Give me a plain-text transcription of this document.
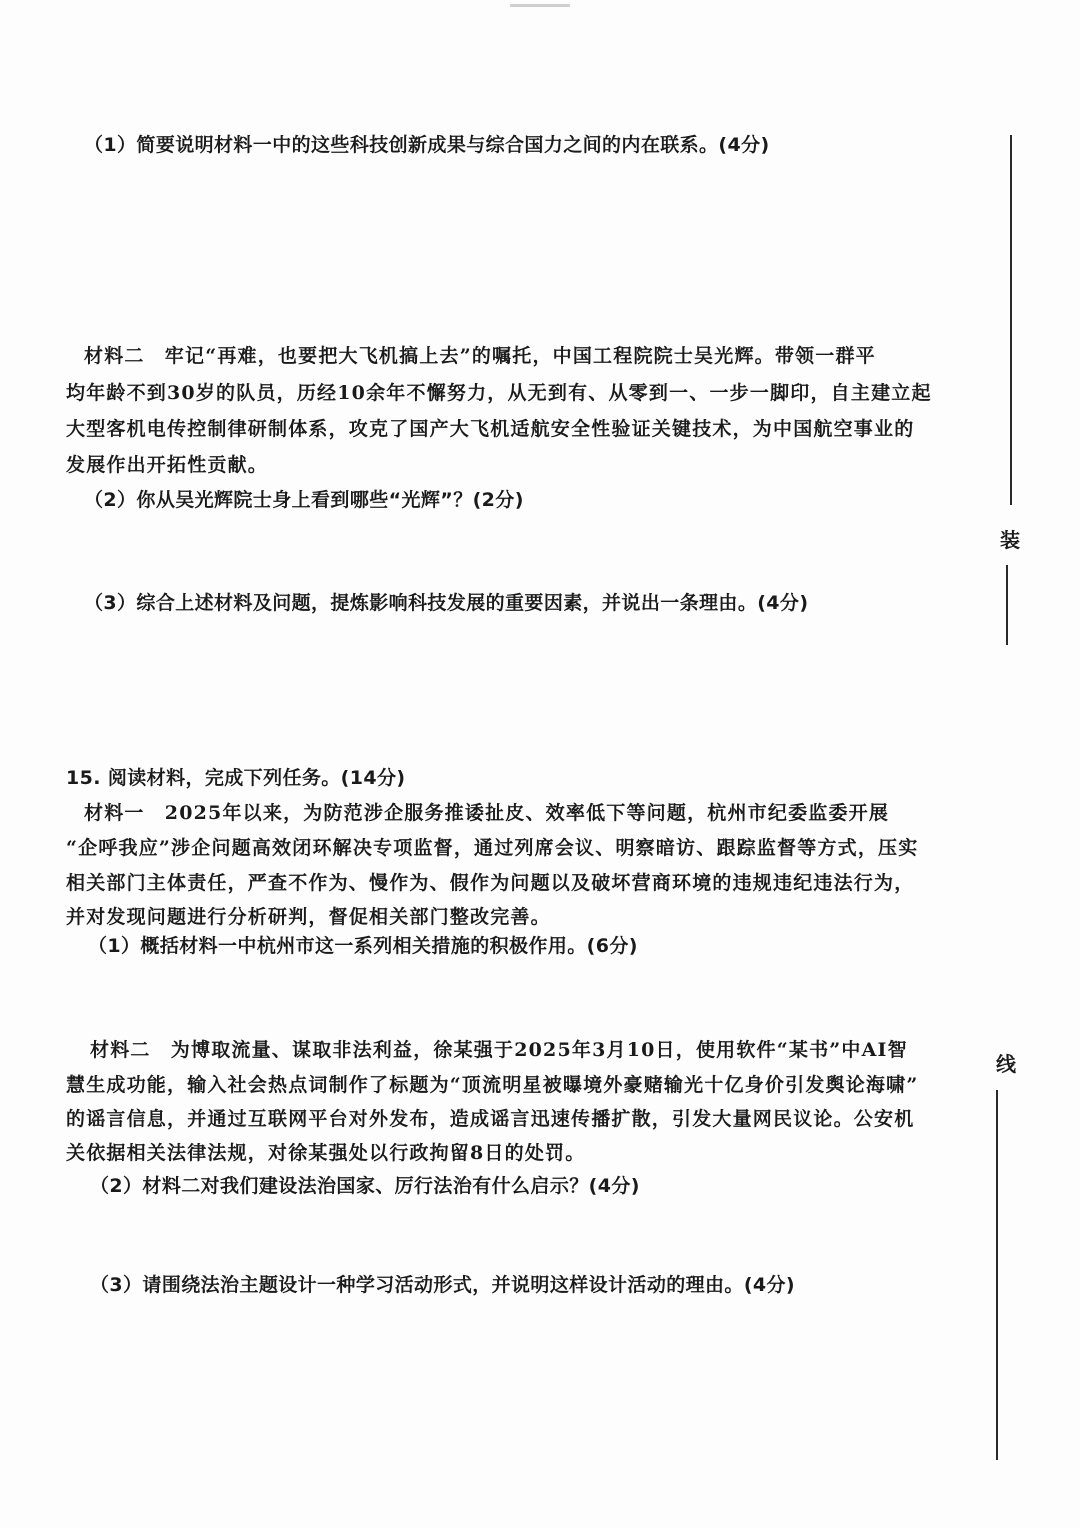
（1）简要说明材料一中的这些科技创新成果与综合国力之间的内在联系。(4分)
材料二　牢记“再难，也要把大飞机搞上去”的嘱托，中国工程院院士吴光辉。带领一群平
均年龄不到30岁的队员，历经10余年不懈努力，从无到有、从零到一、一步一脚印，自主建立起
大型客机电传控制律研制体系，攻克了国产大飞机适航安全性验证关键技术，为中国航空事业的
发展作出开拓性贡献。
（2）你从吴光辉院士身上看到哪些“光辉”？(2分)
（3）综合上述材料及问题，提炼影响科技发展的重要因素，并说出一条理由。(4分)
15. 阅读材料，完成下列任务。(14分)
材料一　2025年以来，为防范涉企服务推诿扯皮、效率低下等问题，杭州市纪委监委开展
“企呼我应”涉企问题高效闭环解决专项监督，通过列席会议、明察暗访、跟踪监督等方式，压实
相关部门主体责任，严查不作为、慢作为、假作为问题以及破坏营商环境的违规违纪违法行为，
并对发现问题进行分析研判，督促相关部门整改完善。
（1）概括材料一中杭州市这一系列相关措施的积极作用。(6分)
材料二　为博取流量、谋取非法利益，徐某强于2025年3月10日，使用软件“某书”中AI智
慧生成功能，输入社会热点词制作了标题为“顶流明星被曝境外豪赌输光十亿身价引发舆论海啸”
的谣言信息，并通过互联网平台对外发布，造成谣言迅速传播扩散，引发大量网民议论。公安机
关依据相关法律法规，对徐某强处以行政拘留8日的处罚。
（2）材料二对我们建设法治国家、厉行法治有什么启示？(4分)
（3）请围绕法治主题设计一种学习活动形式，并说明这样设计活动的理由。(4分)
装
线
